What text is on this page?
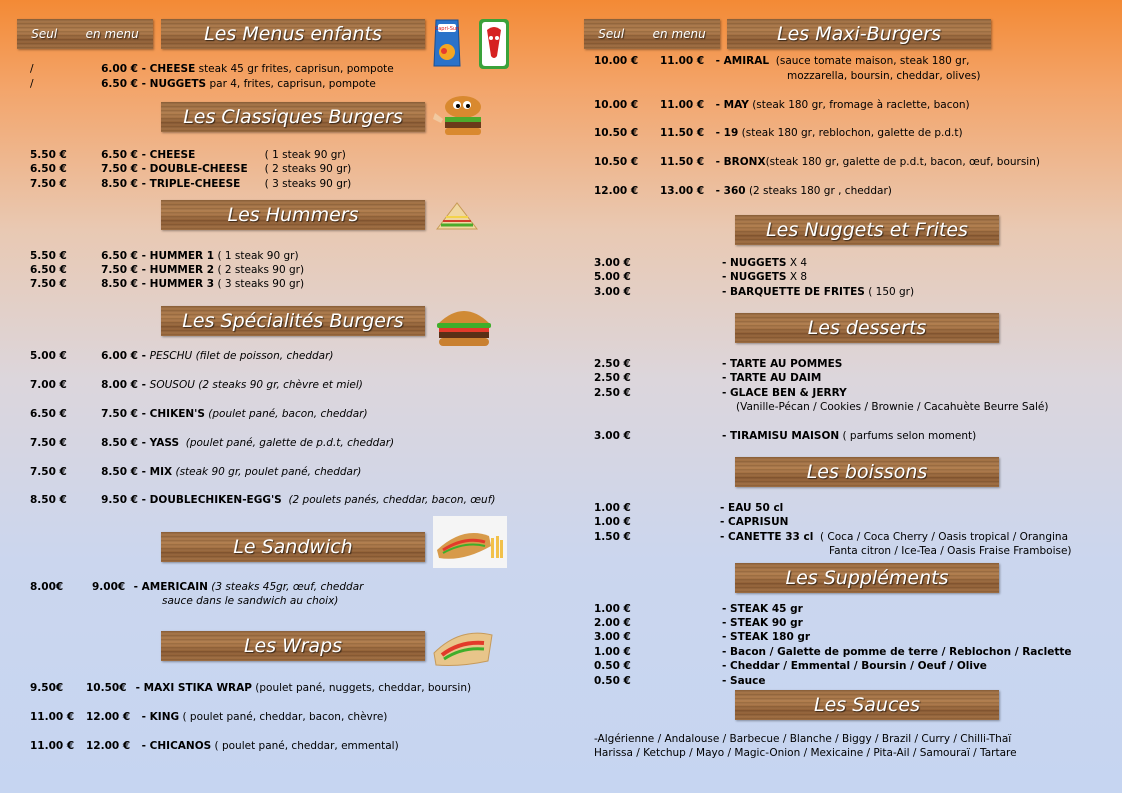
Seul en menu	Les Menus enfants	Capri-Sun
/	6.00 € - CHEESE steak 45 gr frites, caprisun, pompote
/	6.50 € - NUGGETS par 4, frites, caprisun, pompote
Les Classiques Burgers
5.50 €	6.50 € - CHEESE	( 1 steak 90 gr)
6.50 €	7.50 € - DOUBLE-CHEESE ( 2 steaks 90 gr)
7.50 €	8.50 € - TRIPLE-CHEESE ( 3 steaks 90 gr)
Les Hummers
5.50 €	6.50 € - HUMMER 1 ( 1 steak 90 gr)
6.50 €	7.50 € - HUMMER 2 ( 2 steaks 90 gr)
7.50 €	8.50 € - HUMMER 3 ( 3 steaks 90 gr)
Les Spécialités Burgers
5.00 €	6.00 € - PESCHU (filet de poisson, cheddar)
7.00 €	8.00 € - SOUSOU (2 steaks 90 gr, chèvre et miel)
6.50 €	7.50 € - CHIKEN'S (poulet pané, bacon, cheddar)
7.50 €	8.50 € - YASS (poulet pané, galette de p.d.t, cheddar)
7.50 €	8.50 € - MIX (steak 90 gr, poulet pané, cheddar)
8.50 €	9.50 € - DOUBLECHIKEN-EGG'S (2 poulets panés, cheddar, bacon, œuf)
Le Sandwich
8.00€	9.00€ - AMERICAIN (3 steaks 45gr, œuf, cheddar
sauce dans le sandwich au choix)
Les Wraps
9.50€ 10.50€ - MAXI STIKA WRAP (poulet pané, nuggets, cheddar, boursin)
11.00 € 12.00 € - KING ( poulet pané, cheddar, bacon, chèvre)
11.00 € 12.00 € - CHICANOS ( poulet pané, cheddar, emmental)
Seul en menu	Les Maxi-Burgers
10.00 € 11.00 € - AMIRAL (sauce tomate maison, steak 180 gr,
mozzarella, boursin, cheddar, olives)
10.00 € 11.00 € - MAY (steak 180 gr, fromage à raclette, bacon)
10.50 € 11.50 € - 19 (steak 180 gr, reblochon, galette de p.d.t)
10.50 € 11.50 € - BRONX(steak 180 gr, galette de p.d.t, bacon, œuf, boursin)
12.00 € 13.00 € - 360 (2 steaks 180 gr , cheddar)
Les Nuggets et Frites
3.00 €	- NUGGETS X 4
5.00 €	- NUGGETS X 8
3.00 €	- BARQUETTE DE FRITES ( 150 gr)
Les desserts
2.50 €	- TARTE AU POMMES
2.50 €	- TARTE AU DAIM
2.50 €	- GLACE BEN & JERRY
(Vanille-Pécan / Cookies / Brownie / Cacahuète Beurre Salé)
3.00 €	- TIRAMISU MAISON ( parfums selon moment)
Les boissons
1.00 €	- EAU 50 cl
1.00 €	- CAPRISUN
1.50 €	- CANETTE 33 cl ( Coca / Coca Cherry / Oasis tropical / Orangina
Fanta citron / Ice-Tea / Oasis Fraise Framboise)
Les Suppléments
1.00 €	- STEAK 45 gr
2.00 €	- STEAK 90 gr
3.00 €	- STEAK 180 gr
1.00 €	- Bacon / Galette de pomme de terre / Reblochon / Raclette
0.50 €	- Cheddar / Emmental / Boursin / Oeuf / Olive
0.50 €	- Sauce
Les Sauces
-Algérienne / Andalouse / Barbecue / Blanche / Biggy / Brazil / Curry / Chilli-Thaï
Harissa / Ketchup / Mayo / Magic-Onion / Mexicaine / Pita-Ail / Samouraï / Tartare
